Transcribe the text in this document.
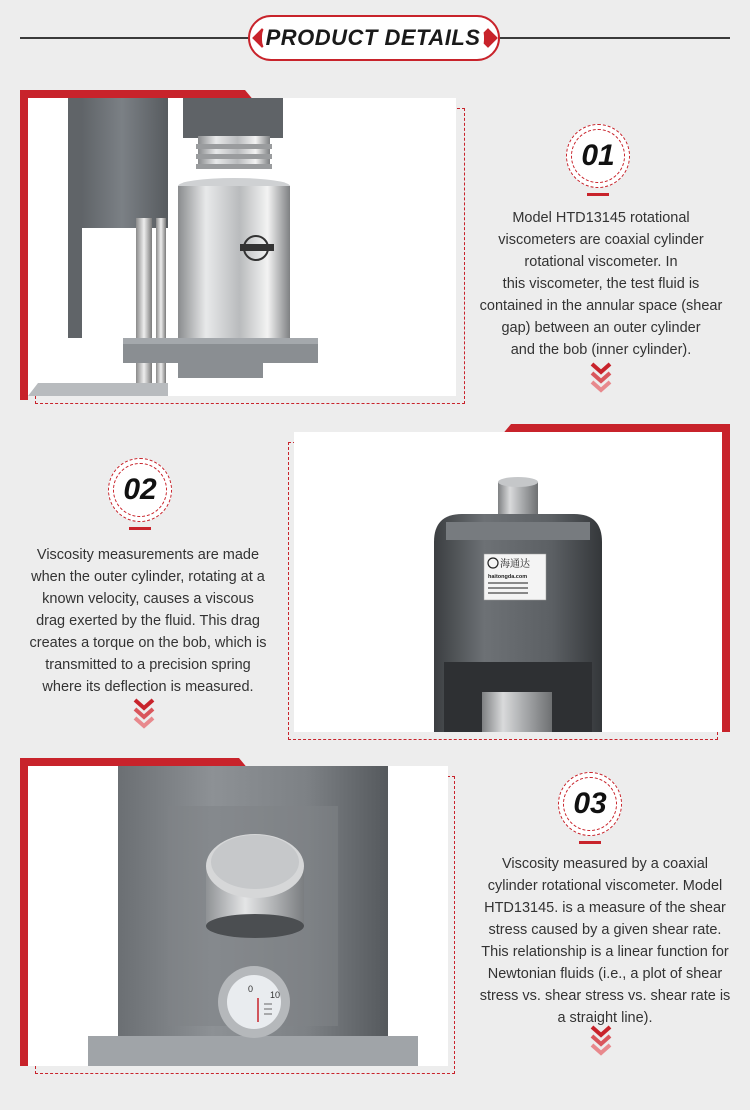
PRODUCT DETAILS
01
Model HTD13145 rotational
viscometers are coaxial cylinder
rotational viscometer. In
this viscometer, the test fluid is
contained in the annular space (shear
gap) between an outer cylinder
and the bob (inner cylinder).
海通达
haitongda.com
02
Viscosity measurements are made
when the outer cylinder, rotating at a
known velocity, causes a viscous
drag exerted by the fluid. This drag
creates a torque on the bob, which is
transmitted to a precision spring
where its deflection is measured.
0
10
03
Viscosity measured by a coaxial
cylinder rotational viscometer. Model
HTD13145. is a measure of the shear
stress caused by a given shear rate.
This relationship is a linear function for
Newtonian fluids (i.e., a plot of shear
stress vs. shear stress vs. shear rate is
a straight line).
